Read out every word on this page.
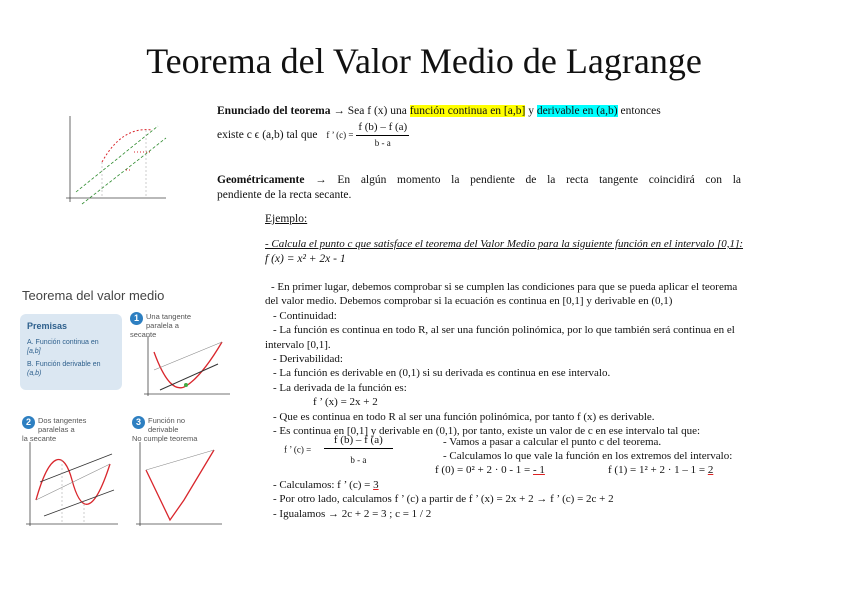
Teorema del Valor Medio de Lagrange
Enunciado del teorema → Sea f (x) una función continua en [a,b] y derivable en (a,b) entonces
existe c ϵ (a,b) tal que f ’ $(c) = \frac{f (b) - f (a)}{b - a}$
Geométricamente → En algún momento la pendiente de la recta tangente coincidirá con la
pendiente de la recta secante.
Ejemplo:
- Calcula el punto c que satisface el teorema del Valor Medio para la siguiente función en el intervalo [0,1]:
f (x) = x² + 2x - 1
- En primer lugar, debemos comprobar si se cumplen las condiciones para que se pueda aplicar el teorema
del valor medio. Debemos comprobar si la ecuación es continua en [0,1] y derivable en (0,1)
- Continuidad:
- La función es continua en todo R, al ser una función polinómica, por lo que también será continua en el
intervalo [0,1].
- Derivabilidad:
- La función es derivable en (0,1) si su derivada es continua en ese intervalo.
- La derivada de la función es:
f ’ (x) = 2x + 2
- Que es continua en todo R al ser una función polinómica, por tanto f (x) es derivable.
- Es continua en [0,1] y derivable en (0,1), por tanto, existe un valor de c en ese intervalo tal que:
f ’ $(c) = \frac{f (b) - f (a)}{b - a}$	- Vamos a pasar a calcular el punto c del teorema.
- Calculamos lo que vale la función en los extremos del intervalo:
f (0) = 0² + 2 · 0 - 1 = - 1	f (1) = 1² + 2 · 1 – 1 = 2
- Calculamos: f ’ (c) = 3
- Por otro lado, calculamos f ’ (c) a partir de f ’ (x) = 2x + 2 → f ’ (c) = 2c + 2
- Igualamos → 2c + 2 = 3 ; c = 1 / 2
Teorema del valor medio
Premisas
A. Función continua en
[a,b]
B. Función derivable en
(a,b)
1 Una tangente paralela a
secante
2 Dos tangentes paralelas a
la secante
3 Función no derivable
No cumple teorema
